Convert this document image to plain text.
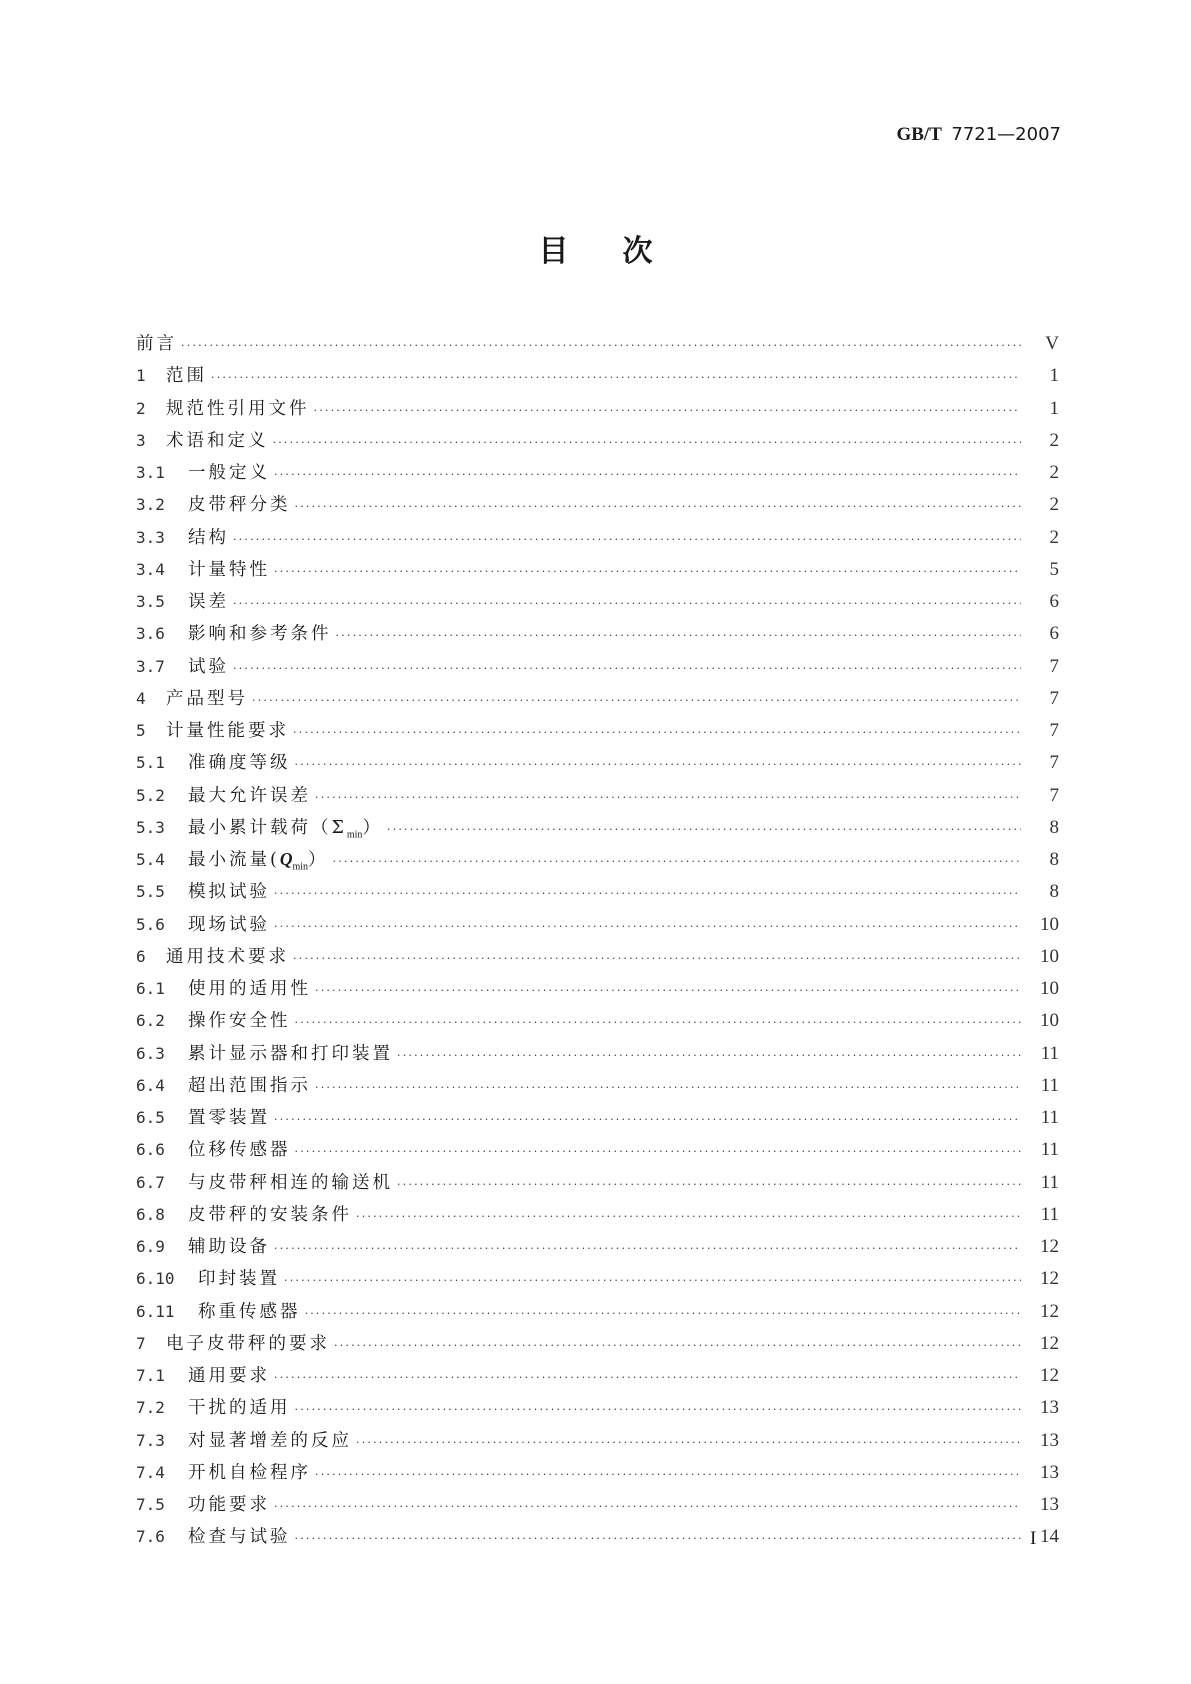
GB/T 7721—2007
目次
前言 ·····	V
1	范围 ·····	1
2	规范性引用文件 ·····	1
3	术语和定义 ·····	2
3.1	一般定义 ·····	2
3.2	皮带秤分类 ·····	2
3.3	结构 ·····	2
3.4	计量特性 ·····	5
3.5	误差 ·····	6
3.6	影响和参考条件 ·····	6
3.7	试验 ·····	7
4	产品型号 ·····	7
5	计量性能要求 ·····	7
5.1	准确度等级 ·····	7
5.2	最大允许误差 ·····	7
5.3	最小累计载荷$(\Sigma_{min})$ ·····	8
5.4	最小流量$(Q_{min})$ ·····	8
5.5	模拟试验 ·····	8
5.6	现场试验 ·····	10
6	通用技术要求 ·····	10
6.1	使用的适用性 ·····	10
6.2	操作安全性 ·····	10
6.3	累计显示器和打印装置 ·····	11
6.4	超出范围指示 ·····	11
6.5	置零装置 ·····	11
6.6	位移传感器 ·····	11
6.7	与皮带秤相连的输送机 ·····	11
6.8	皮带秤的安装条件 ·····	11
6.9	辅助设备 ·····	12
6.10	印封装置 ·····	12
6.11	称重传感器 ·····	12
7	电子皮带秤的要求 ·····	12
7.1	通用要求 ·····	12
7.2	干扰的适用 ·····	13
7.3	对显著增差的反应 ·····	13
7.4	开机自检程序 ·····	13
7.5	功能要求 ·····	13
7.6	检查与试验 ·····	14
I
